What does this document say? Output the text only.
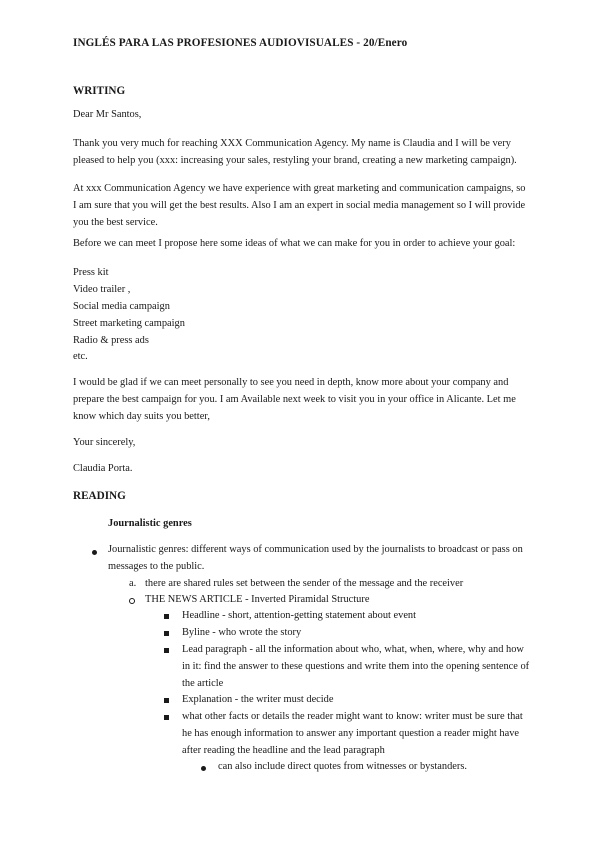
INGLÉS PARA LAS PROFESIONES AUDIOVISUALES - 20/Enero
WRITING
Dear Mr Santos,
Thank you very much for reaching XXX Communication Agency. My name is Claudia and I will be very pleased to help you (xxx: increasing your sales, restyling your brand, creating a new marketing campaign).
At xxx Communication Agency we have experience with great marketing and communication campaigns, so I am sure that you will get the best results. Also I am an expert in social media management so I will provide you the best service.
Before we can meet I propose here some ideas of what we can make for you in order to achieve your goal:
Press kit
Video trailer ,
Social media campaign
Street marketing campaign
Radio & press ads
etc.
I would be glad if we can meet personally to see you need in depth, know more about your company and prepare the best campaign for you. I am Available next week to visit you in your office in Alicante. Let me know which day suits you better,
Your sincerely,
Claudia Porta.
READING
Journalistic genres
Journalistic genres: different ways of communication used by the journalists to broadcast or pass on messages to the public.
a. there are shared rules set between the sender of the message and the receiver
THE NEWS ARTICLE - Inverted Piramidal Structure
Headline - short, attention-getting statement about event
Byline - who wrote the story
Lead paragraph - all the information about who, what, when, where, why and how in it: find the answer to these questions and write them into the opening sentence of the article
Explanation - the writer must decide
what other facts or details the reader might want to know: writer must be sure that he has enough information to answer any important question a reader might have after reading the headline and the lead paragraph
can also include direct quotes from witnesses or bystanders.
